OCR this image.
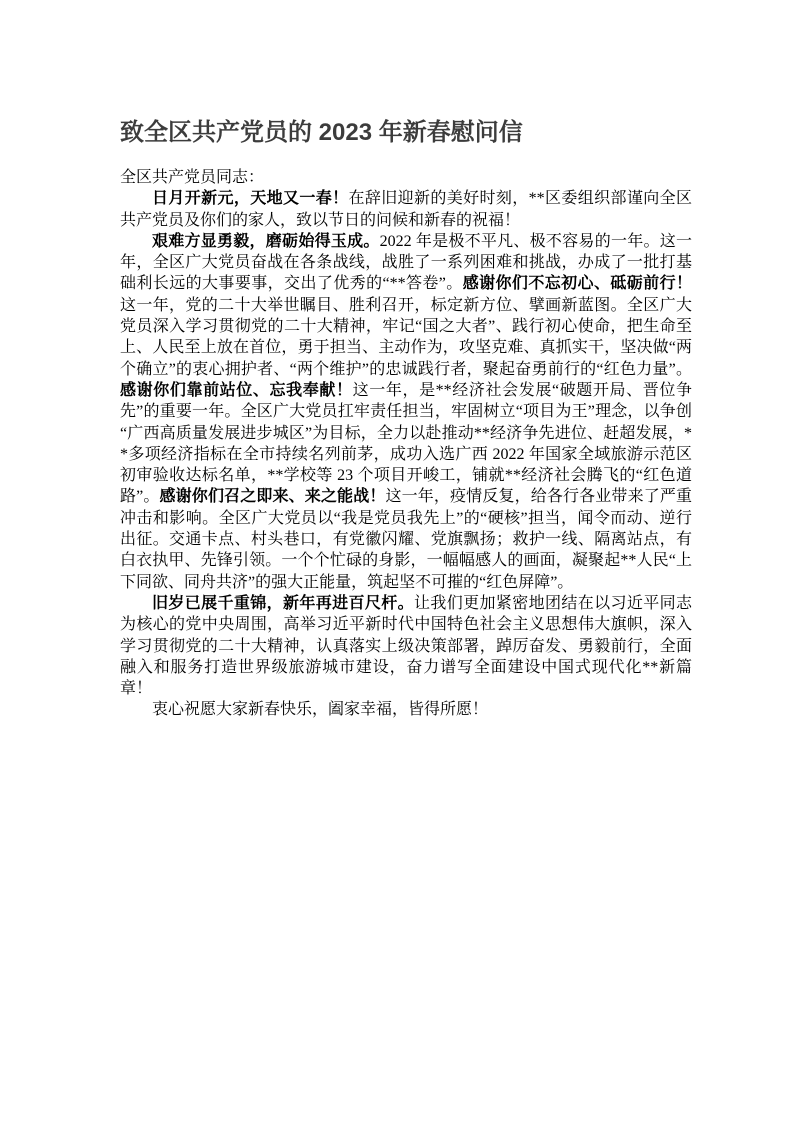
致全区共产党员的 2023 年新春慰问信

全区共产党员同志：

日月开新元，天地又一春！在辞旧迎新的美好时刻，**区委组织部谨向全区共产党员及你们的家人，致以节日的问候和新春的祝福！

艰难方显勇毅，磨砺始得玉成。2022 年是极不平凡、极不容易的一年。这一年，全区广大党员奋战在各条战线，战胜了一系列困难和挑战，办成了一批打基础利长远的大事要事，交出了优秀的“**答卷”。感谢你们不忘初心、砥砺前行！这一年，党的二十大举世瞩目、胜利召开，标定新方位、擘画新蓝图。全区广大党员深入学习贯彻党的二十大精神，牢记“国之大者”、践行初心使命，把生命至上、人民至上放在首位，勇于担当、主动作为，攻坚克难、真抓实干，坚决做“两个确立”的衷心拥护者、“两个维护”的忠诚践行者，聚起奋勇前行的“红色力量”。感谢你们靠前站位、忘我奉献！这一年，是**经济社会发展“破题开局、晋位争先”的重要一年。全区广大党员扛牢责任担当，牢固树立“项目为王”理念，以争创“广西高质量发展进步城区”为目标，全力以赴推动**经济争先进位、赶超发展，**多项经济指标在全市持续名列前茅，成功入选广西 2022 年国家全域旅游示范区初审验收达标名单，**学校等 23 个项目开峻工，铺就**经济社会腾飞的“红色道路”。感谢你们召之即来、来之能战！这一年，疫情反复，给各行各业带来了严重冲击和影响。全区广大党员以“我是党员我先上”的“硬核”担当，闻令而动、逆行出征。交通卡点、村头巷口，有党徽闪耀、党旗飘扬；救护一线、隔离站点，有白衣执甲、先锋引领。一个个忙碌的身影，一幅幅感人的画面，凝聚起**人民“上下同欲、同舟共济”的强大正能量，筑起坚不可摧的“红色屏障”。

旧岁已展千重锦，新年再进百尺杆。让我们更加紧密地团结在以习近平同志为核心的党中央周围，高举习近平新时代中国特色社会主义思想伟大旗帜，深入学习贯彻党的二十大精神，认真落实上级决策部署，踔厉奋发、勇毅前行，全面融入和服务打造世界级旅游城市建设，奋力谱写全面建设中国式现代化**新篇章！

衷心祝愿大家新春快乐，阖家幸福，皆得所愿！
